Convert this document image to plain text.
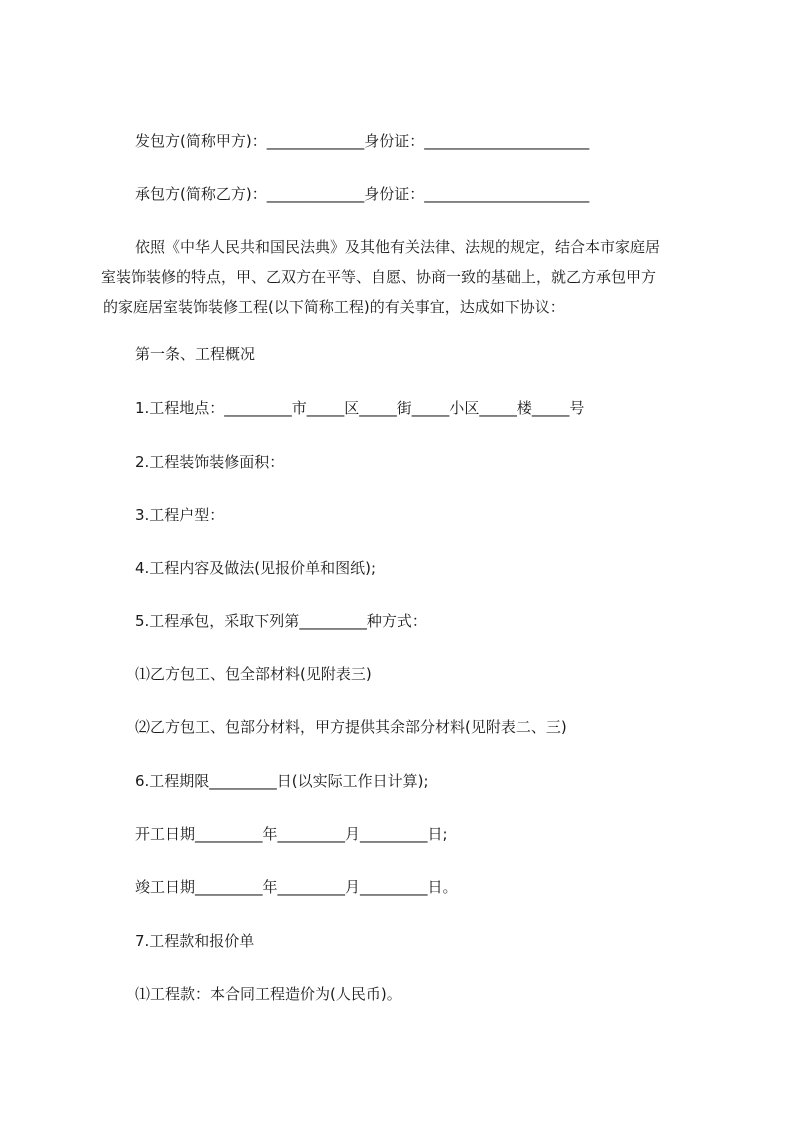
发包方(简称甲方)：_____________身份证：______________________
承包方(简称乙方)：_____________身份证：______________________
依照《中华人民共和国民法典》及其他有关法律、法规的规定，结合本市家庭居
室装饰装修的特点，甲、乙双方在平等、自愿、协商一致的基础上，就乙方承包甲方
的家庭居室装饰装修工程(以下简称工程)的有关事宜，达成如下协议：
第一条、工程概况
1.工程地点：_________市_____区_____街_____小区_____楼_____号
2.工程装饰装修面积：
3.工程户型：
4.工程内容及做法(见报价单和图纸);
5.工程承包，采取下列第_________种方式：
⑴乙方包工、包全部材料(见附表三)
⑵乙方包工、包部分材料，甲方提供其余部分材料(见附表二、三)
6.工程期限_________日(以实际工作日计算);
开工日期_________年_________月_________日;
竣工日期_________年_________月_________日。
7.工程款和报价单
⑴工程款：本合同工程造价为(人民币)。
